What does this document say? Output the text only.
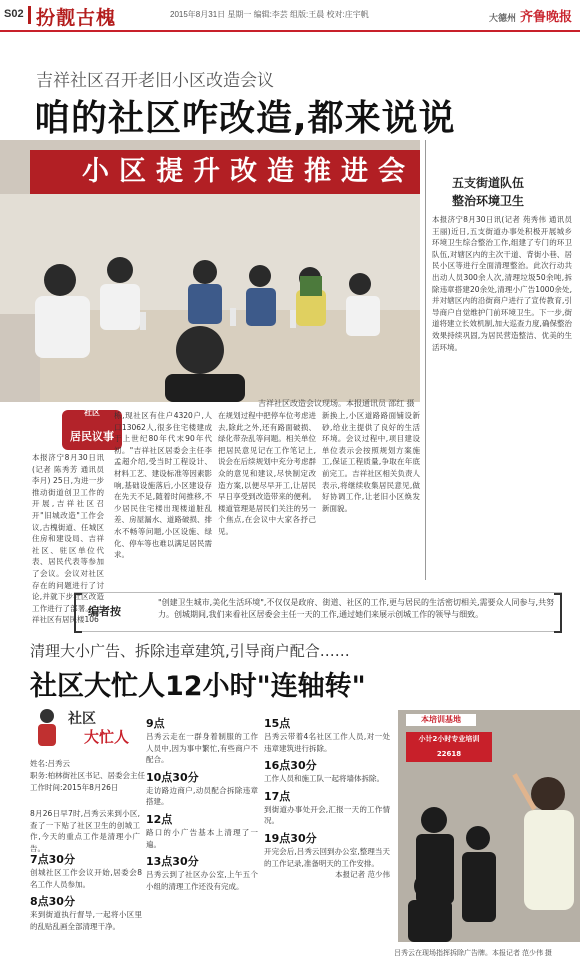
S02 扮靓古槐	2015年8月31日 星期一 编辑:李芸 组版:王晨 校对:庄宇帆	大德州 齐鲁晚报
吉祥社区召开老旧小区改造会议
咱的社区咋改造,都来说说
小区提升改造推进会
吉祥社区改造会议现场。本报通讯员 邵红 摄
五支街道队伍
整治环境卫生
本报济宁8月30日讯(记者 苑秀伟 通讯员 王丽)近日,五支街道办事处积极开展城乡环境卫生综合整治工作,组建了专门的环卫队伍,对辖区内的主次干道、背街小巷、居民小区等进行全面清理整治。此次行动共出动人员300余人次,清理垃圾50余吨,拆除违章搭建20余处,清理小广告1000余处,并对辖区内的沿街商户进行了宣传教育,引导商户自觉维护门前环境卫生。下一步,街道将建立长效机制,加大巡查力度,确保整治效果持续巩固,为居民营造整洁、优美的生活环境。
社区
居民议事
本报济宁8月30日讯(记者 陈秀芳 通讯员 李月) 25日,为进一步推动街道创卫工作的开展,吉祥社区召开"旧城改造"工作会议,古槐街道、任城区住房和建设局、吉祥社区、驻区单位代表、居民代表等参加了会议。会议对社区存在的问题进行了讨论,并就下步社区改造工作进行了部署。"吉祥社区有居民楼106
栋,现社区有住户4320户,人口13062人,很多住宅楼建成于上世纪80年代末90年代初。"吉祥社区居委会主任李孟超介绍,受当时工程设计、材料工艺、建设标准等因素影响,基础设施落后,小区建设存在先天不足,随着时间推移,不少居民住宅楼出现楼道脏乱差、房屋漏水、道路破损、排水不畅等问题,小区设施、绿化、停车等也难以满足居民需求。
在规划过程中把停车位考虑进去,除此之外,还有路面破损、绿化带杂乱等问题。相关单位把居民意见记在工作笔记上,说会在后续规划中充分考虑群众的意见和建议,尽快制定改造方案,以便尽早开工,让居民早日享受到改造带来的便利。楼道管理是居民们关注的另一个焦点,在会议中大家各抒己见。
新换上,小区道路路面铺设新砂,给业主提供了良好的生活环境。会议过程中,项目建设单位表示会按照规划方案施工,保证工程质量,争取在年底前完工。吉祥社区相关负责人表示,将继续收集居民意见,做好协调工作,让老旧小区焕发新面貌。
编者按
"创建卫生城市,美化生活环境",不仅仅是政府、街道、社区的工作,更与居民的生活密切相关,需要众人同参与,共努力。创城期间,我们来看社区居委会主任一天的工作,通过她们来展示创城工作的领导与细致。
清理大小广告、拆除违章建筑,引导商户配合……
社区大忙人12小时"连轴转"
社区
大忙人
姓名:吕秀云
职务:柏林街社区书记、居委会主任
工作时间:2015年8月26日
8月26日早7时,吕秀云来到小区,查了一下贴了社区卫生的创城工作,今天的重点工作是清理小广告。
7点30分
创城社区工作会议开始,居委会8名工作人员参加。
8点30分
来到街道执行督导,一起将小区里的乱贴乱画全部清理干净。
9点
吕秀云走在一群身着制服的工作人员中,因为事中繁忙,有些商户不配合。
10点30分
走访路边商户,动员配合拆除违章搭建。
12点
路口的小广告基本上清理了一遍。
13点30分
吕秀云到了社区办公室,上午五个小组的清理工作还没有完成。
15点
吕秀云带着4名社区工作人员,对一处违章建筑进行拆除。
16点30分
工作人员和施工队一起将墙体拆除。
17点
到街道办事处开会,汇报一天的工作情况。
19点30分
开完会后,吕秀云回到办公室,整理当天的工作记录,准备明天的工作安排。
本报记者 范少伟
本培训基地
小计2小时专业培训
22618
吕秀云在现场指挥拆除广告牌。本报记者 范少伟 摄
